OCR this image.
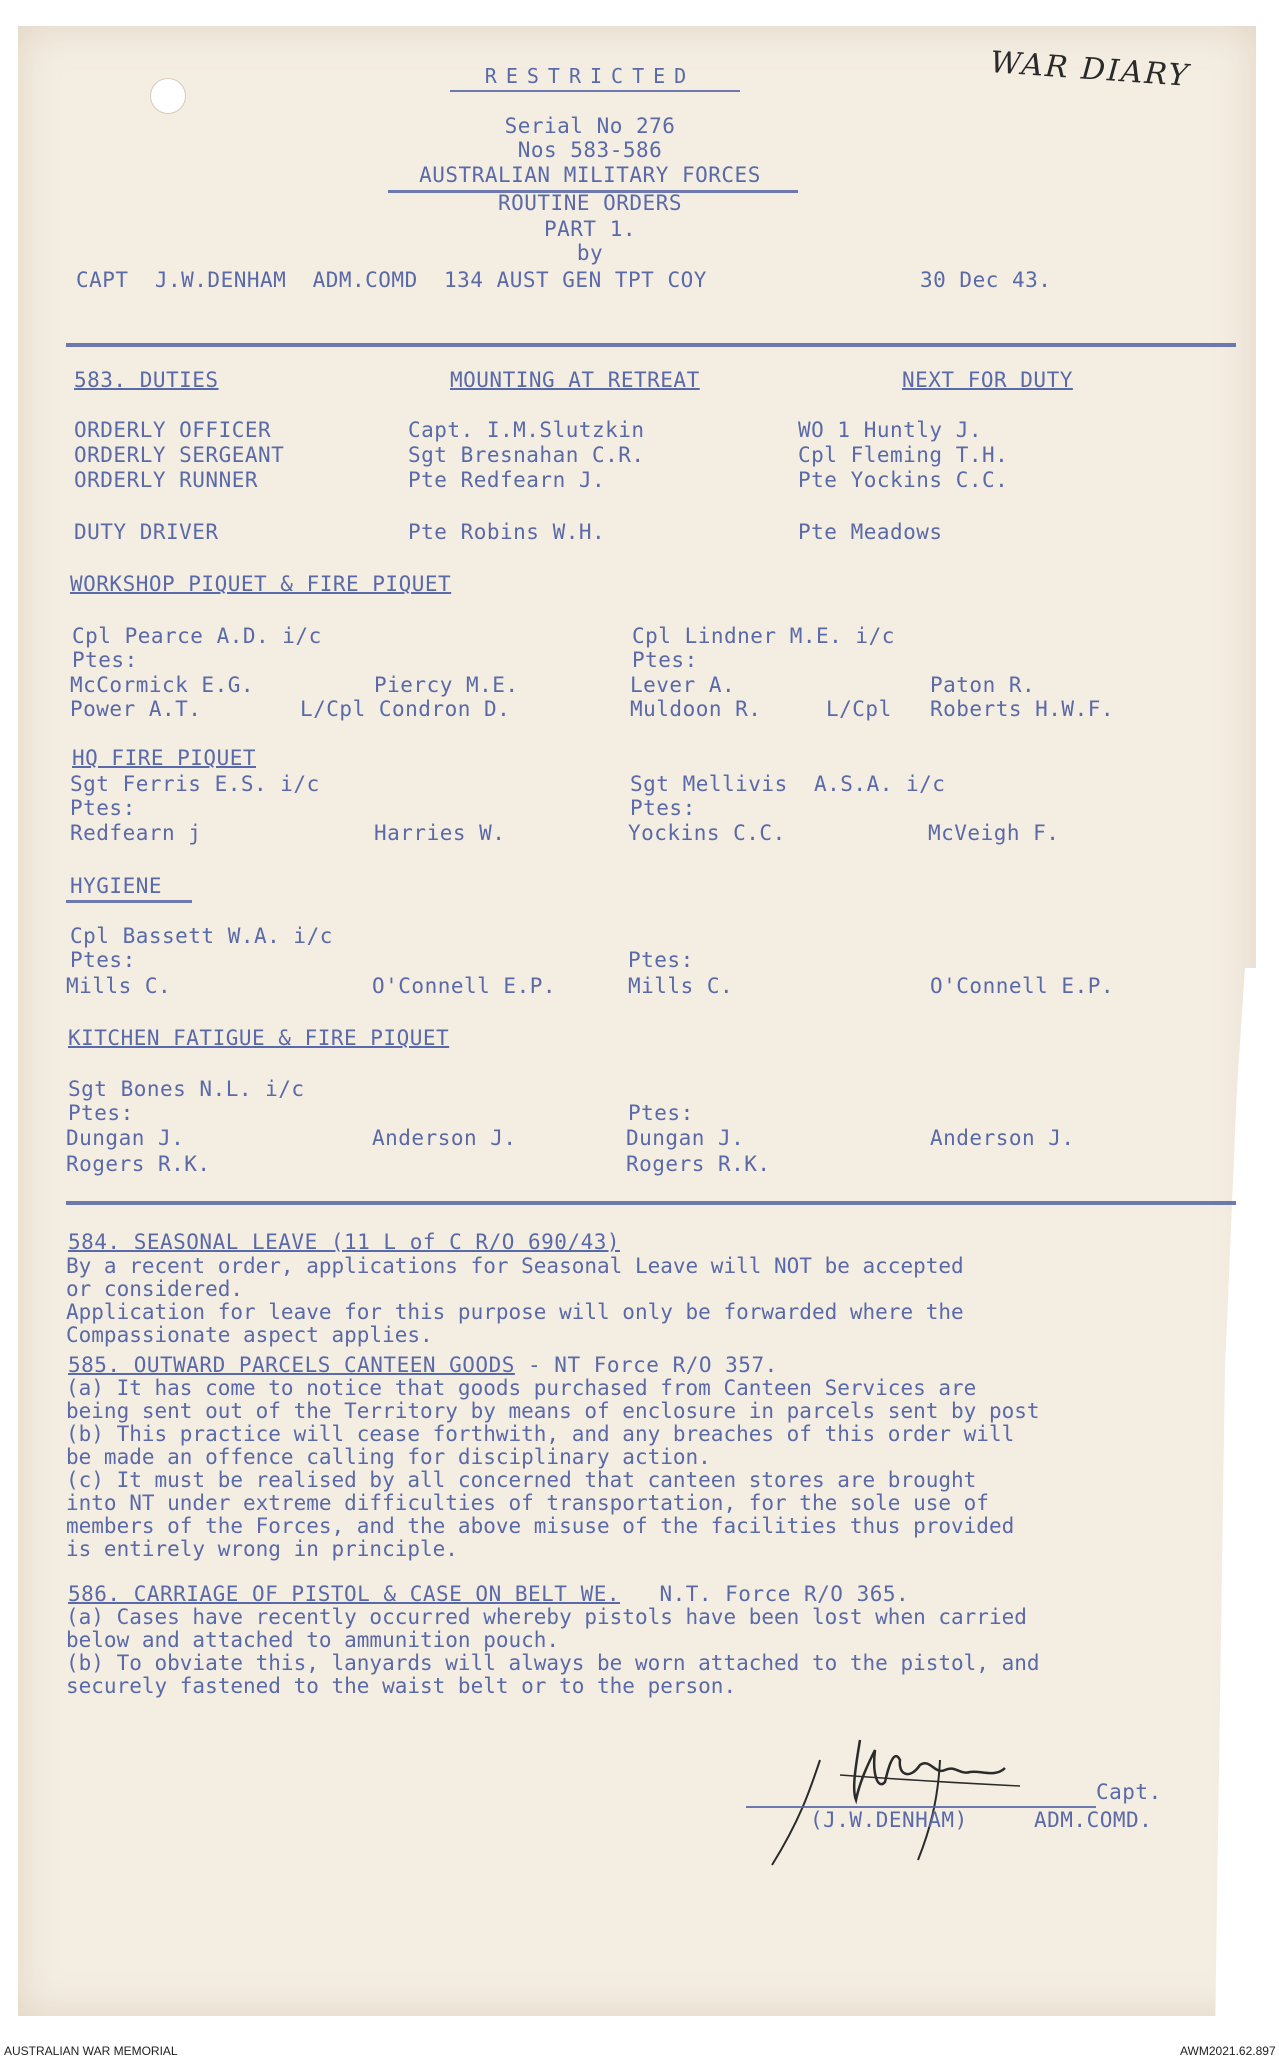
RESTRICTED	WAR DIARY
Serial No 276
Nos 583-586
AUSTRALIAN MILITARY FORCES
ROUTINE ORDERS
PART 1.
by
CAPT  J.W.DENHAM  ADM.COMD  134 AUST GEN TPT COY	30 Dec 43.
583. DUTIES	MOUNTING AT RETREAT	NEXT FOR DUTY
ORDERLY OFFICER	Capt. I.M.Slutzkin	WO 1 Huntly J.
ORDERLY SERGEANT	Sgt Bresnahan C.R.	Cpl Fleming T.H.
ORDERLY RUNNER	Pte Redfearn J.	Pte Yockins C.C.
DUTY DRIVER	Pte Robins W.H.	Pte Meadows
WORKSHOP PIQUET & FIRE PIQUET
Cpl Pearce A.D. i/c	Cpl Lindner M.E. i/c
Ptes:	Ptes:
McCormick E.G.	Piercy M.E.	Lever A.	Paton R.
Power A.T.	L/Cpl Condron D.	Muldoon R.	L/Cpl Roberts H.W.F.
HQ FIRE PIQUET
Sgt Ferris E.S. i/c	Sgt Mellivis  A.S.A. i/c
Ptes:	Ptes:
Redfearn j	Harries W.	Yockins C.C.	McVeigh F.
HYGIENE
Cpl Bassett W.A. i/c
Ptes:	Ptes:
Mills C.	O'Connell E.P.	Mills C.	O'Connell E.P.
KITCHEN FATIGUE & FIRE PIQUET
Sgt Bones N.L. i/c
Ptes:	Ptes:
Dungan J.	Anderson J.	Dungan J.	Anderson J.
Rogers R.K.	Rogers R.K.
584. SEASONAL LEAVE (11 L of C R/O 690/43)
By a recent order, applications for Seasonal Leave will NOT be accepted
or considered.
Application for leave for this purpose will only be forwarded where the
Compassionate aspect applies.
585. OUTWARD PARCELS CANTEEN GOODS - NT Force R/O 357.
(a) It has come to notice that goods purchased from Canteen Services are
being sent out of the Territory by means of enclosure in parcels sent by post
(b) This practice will cease forthwith, and any breaches of this order will
be made an offence calling for disciplinary action.
(c) It must be realised by all concerned that canteen stores are brought
into NT under extreme difficulties of transportation, for the sole use of
members of the Forces, and the above misuse of the facilities thus provided
is entirely wrong in principle.
586. CARRIAGE OF PISTOL & CASE ON BELT WE.   N.T. Force R/O 365.
(a) Cases have recently occurred whereby pistols have been lost when carried
below and attached to ammunition pouch.
(b) To obviate this, lanyards will always be worn attached to the pistol, and
securely fastened to the waist belt or to the person.
Capt.
(J.W.DENHAM)	ADM.COMD.
AUSTRALIAN WAR MEMORIAL	AWM2021.62.897
